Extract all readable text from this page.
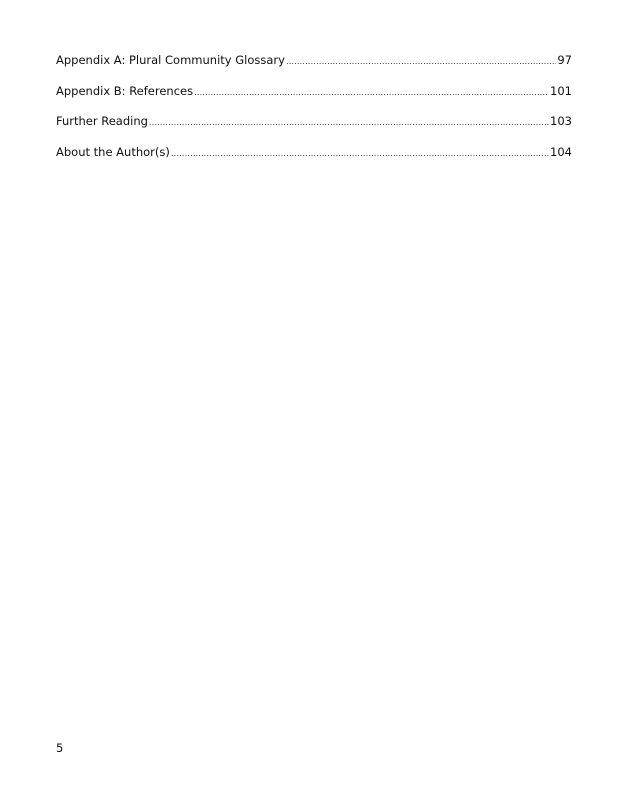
Appendix A: Plural Community Glossary .....	97
Appendix B: References .....	101
Further Reading .....	103
About the Author(s) .....	104
5
